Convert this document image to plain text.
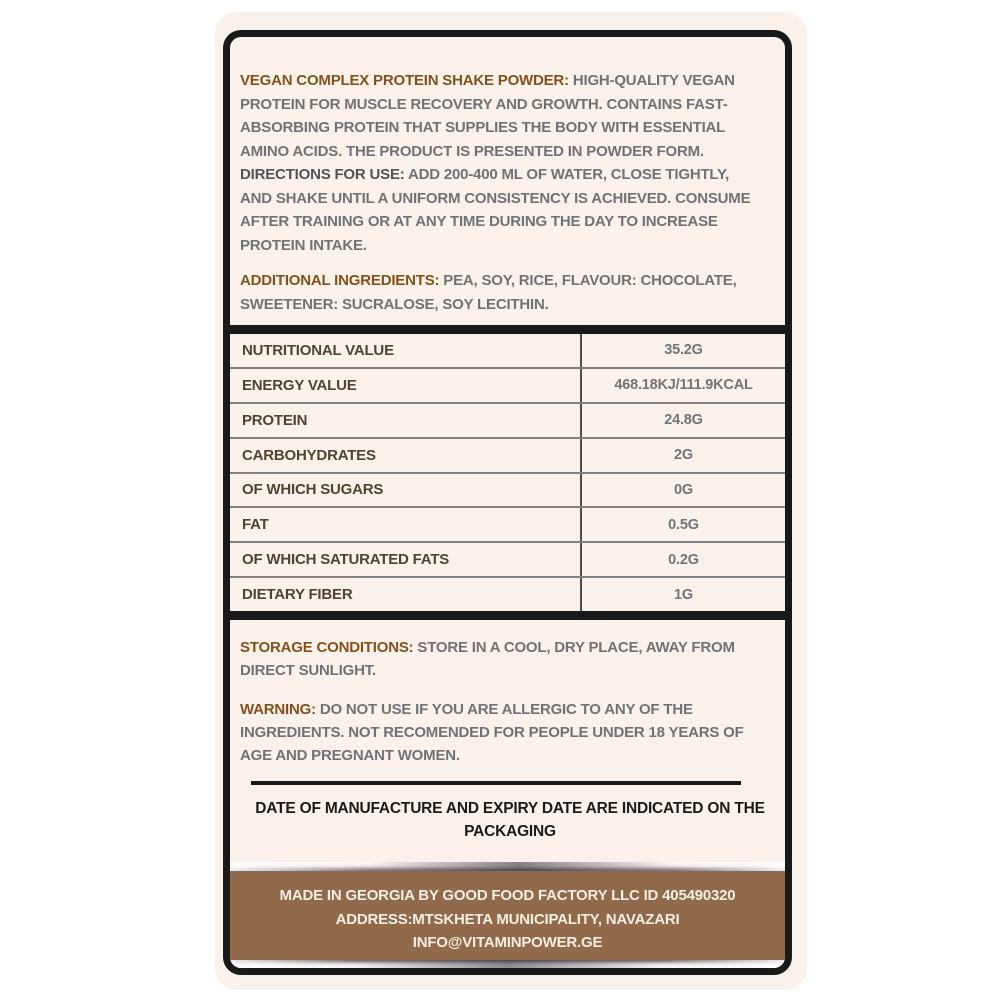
VEGAN COMPLEX PROTEIN SHAKE POWDER: HIGH-QUALITY VEGAN PROTEIN FOR MUSCLE RECOVERY AND GROWTH. CONTAINS FAST-ABSORBING PROTEIN THAT SUPPLIES THE BODY WITH ESSENTIAL AMINO ACIDS. THE PRODUCT IS PRESENTED IN POWDER FORM. DIRECTIONS FOR USE: ADD 200-400 ML OF WATER, CLOSE TIGHTLY, AND SHAKE UNTIL A UNIFORM CONSISTENCY IS ACHIEVED. CONSUME AFTER TRAINING OR AT ANY TIME DURING THE DAY TO INCREASE PROTEIN INTAKE.

ADDITIONAL INGREDIENTS: PEA, SOY, RICE, FLAVOUR: CHOCOLATE, SWEETENER: SUCRALOSE, SOY LECITHIN.

NUTRITIONAL VALUE	35.2G
ENERGY VALUE	468.18KJ/111.9KCAL
PROTEIN	24.8G
CARBOHYDRATES	2G
OF WHICH SUGARS	0G
FAT	0.5G
OF WHICH SATURATED FATS	0.2G
DIETARY FIBER	1G

STORAGE CONDITIONS: STORE IN A COOL, DRY PLACE, AWAY FROM DIRECT SUNLIGHT.

WARNING: DO NOT USE IF YOU ARE ALLERGIC TO ANY OF THE INGREDIENTS. NOT RECOMENDED FOR PEOPLE UNDER 18 YEARS OF AGE AND PREGNANT WOMEN.

DATE OF MANUFACTURE AND EXPIRY DATE ARE INDICATED ON THE PACKAGING

MADE IN GEORGIA BY GOOD FOOD FACTORY LLC ID 405490320
ADDRESS:MTSKHETA MUNICIPALITY, NAVAZARI
INFO@VITAMINPOWER.GE
